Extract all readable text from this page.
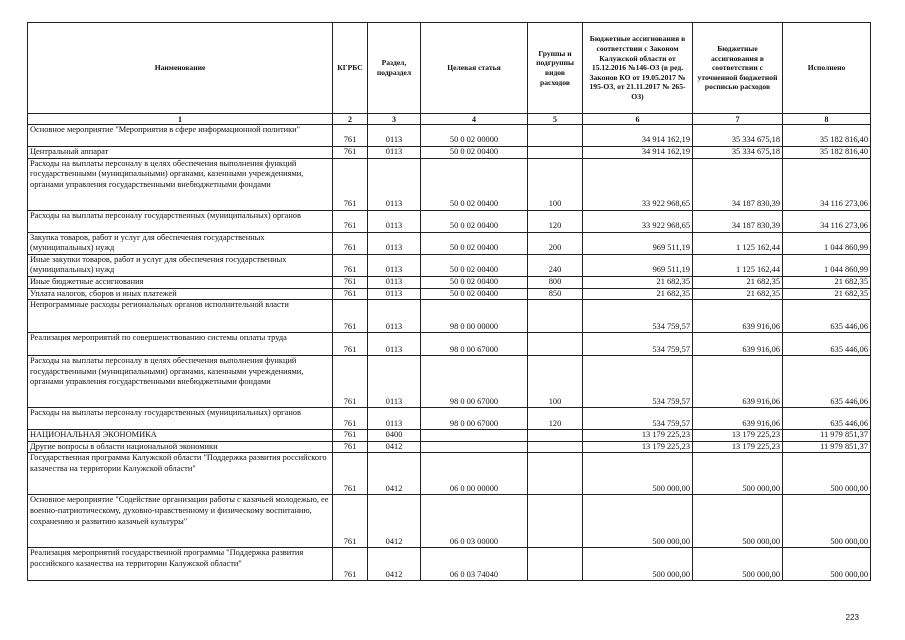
Наименование	КГРБС	Раздел, подраздел	Целевая статья	Группы и подгруппы видов расходов	Бюджетные ассигнования в соответствии с Законом Калужской области от 15.12.2016 №146-ОЗ (в ред. Законов КО от 19.05.2017 № 195-ОЗ, от 21.11.2017 № 265-ОЗ)	Бюджетные ассигнования в соответствии с уточненной бюджетной росписью расходов	Исполнено
1	2	3	4	5	6	7	8
Основное мероприятие "Мероприятия в сфере информационной политики"	761	0113	50 0 02 00000		34 914 162,19	35 334 675,18	35 182 816,40
Центральный аппарат	761	0113	50 0 02 00400		34 914 162,19	35 334 675,18	35 182 816,40
Расходы на выплаты персоналу в целях обеспечения выполнения функций государственными (муниципальными) органами, казенными учреждениями, органами управления государственными внебюджетными фондами	761	0113	50 0 02 00400	100	33 922 968,65	34 187 830,39	34 116 273,06
Расходы на выплаты персоналу государственных (муниципальных) органов	761	0113	50 0 02 00400	120	33 922 968,65	34 187 830,39	34 116 273,06
Закупка товаров, работ и услуг для обеспечения государственных (муниципальных) нужд	761	0113	50 0 02 00400	200	969 511,19	1 125 162,44	1 044 860,99
Иные закупки товаров, работ и услуг для обеспечения государственных (муниципальных) нужд	761	0113	50 0 02 00400	240	969 511,19	1 125 162,44	1 044 860,99
Иные бюджетные ассигнования	761	0113	50 0 02 00400	800	21 682,35	21 682,35	21 682,35
Уплата налогов, сборов и иных платежей	761	0113	50 0 02 00400	850	21 682,35	21 682,35	21 682,35
Непрограммные расходы региональных органов исполнительной власти	761	0113	98 0 00 00000		534 759,57	639 916,06	635 446,06
Реализация мероприятий по совершенствованию системы оплаты труда	761	0113	98 0 00 67000		534 759,57	639 916,06	635 446,06
Расходы на выплаты персоналу в целях обеспечения выполнения функций государственными (муниципальными) органами, казенными учреждениями, органами управления государственными внебюджетными фондами	761	0113	98 0 00 67000	100	534 759,57	639 916,06	635 446,06
Расходы на выплаты персоналу государственных (муниципальных) органов	761	0113	98 0 00 67000	120	534 759,57	639 916,06	635 446,06
НАЦИОНАЛЬНАЯ ЭКОНОМИКА	761	0400			13 179 225,23	13 179 225,23	11 979 851,37
Другие вопросы в области национальной экономики	761	0412			13 179 225,23	13 179 225,23	11 979 851,37
Государственная программа Калужской области "Поддержка развития российского казачества на территории Калужской области"	761	0412	06 0 00 00000		500 000,00	500 000,00	500 000,00
Основное мероприятие "Содействие организации работы с казачьей молодежью, ее военно-патриотическому, духовно-нравственному и физическому воспитанию, сохранению и развитию казачьей культуры"	761	0412	06 0 03 00000		500 000,00	500 000,00	500 000,00
Реализация мероприятий государственной программы "Поддержка развития российского казачества на территории Калужской области"	761	0412	06 0 03 74040		500 000,00	500 000,00	500 000,00
223
